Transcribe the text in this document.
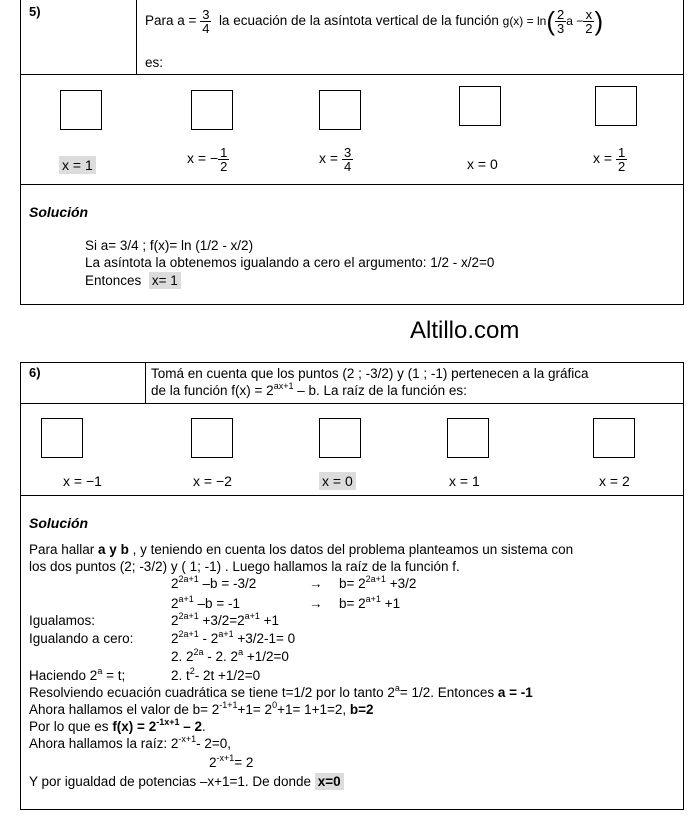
5)
Para $a = \frac{3}{4}$ la ecuación de la asíntota vertical de la función $g(x) = \ln( \frac{2}{3}$ $a - \frac{x}{2}$ )
es:
x = 1	x = − $\frac{1}{2}$	$x = \frac{3}{4}$	x = 0	$x = \frac{1}{2}$
Solución
Si a= 3/4 ; f(x)= ln (1/2 - x/2)
La asíntota la obtenemos igualando a cero el argumento: 1/2 - x/2=0
Entonces x= 1
Altillo.com
6)	Tomá en cuenta que los puntos (2 ; -3/2) y (1 ; -1) pertenecen a la gráfica
de la función $f(x) = 2^{ax+1} - b$. La raíz de la función es:
x = −1	x = −2	x = 0	x = 1	x = 2
Solución
Para hallar a y b , y teniendo en cuenta los datos del problema planteamos un sistema con
los dos puntos (2; -3/2) y ( 1; -1) . Luego hallamos la raíz de la función f.
$2^{2a+1}$ –b = -3/2	→ $b= 2^{2a+1} +3/2$
$2^{a+1}$ –b = -1	→ $b= 2^{a+1} +1$
Igualamos:	$2^{2a+1} +3/2=2^{a+1} +1$
Igualando a cero:	$2^{2a+1} - 2^{a+1} +3/2-1= 0$
2. $2^{2a} - 2$. $2^a +1/2=0$
Haciendo $2^a = t$;	2. $t^2-$ 2t +1/2=0
Resolviendo ecuación cuadrática se tiene t=1/2 por lo tanto $2^a= 1/2$. Entonces a = -1
Ahora hallamos el valor de $b= 2^{-1+1}+1= 2^0+1= 1+1=2$, b=2
Por lo que es $f(x) = 2^{-1x+1} - 2$.
Ahora hallamos la raíz: $2^{-x+1}-$ 2=0,
$2^{-x+1}= 2$
Y por igualdad de potencias –x+1=1. De donde x=0
